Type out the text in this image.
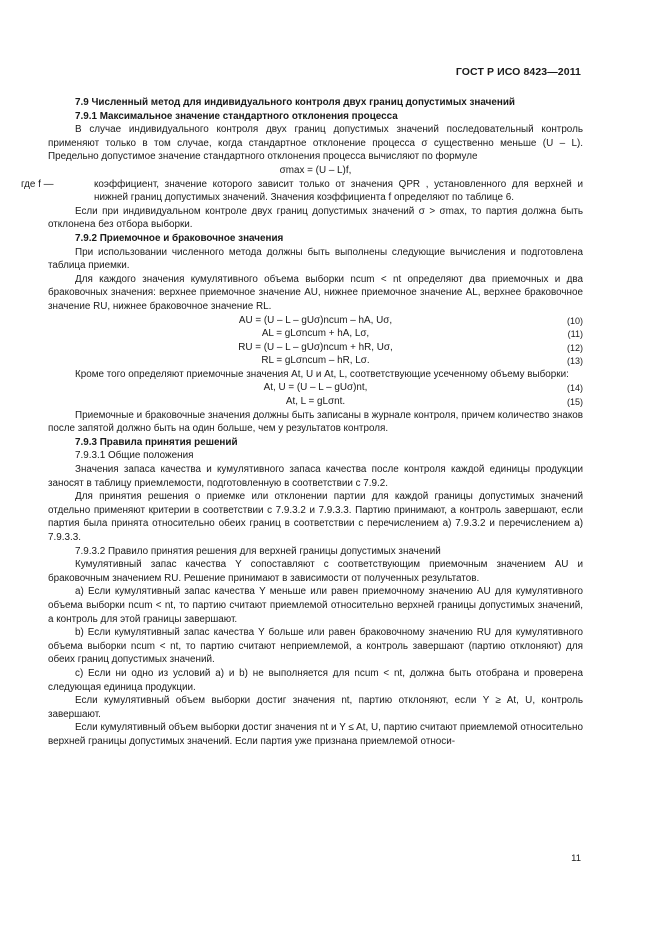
ГОСТ Р ИСО 8423—2011

7.9 Численный метод для индивидуального контроля двух границ допустимых значений

7.9.1 Максимальное значение стандартного отклонения процесса

В случае индивидуального контроля двух границ допустимых значений последовательный контроль применяют только в том случае, когда стандартное отклонение процесса σ существенно меньше (U – L). Предельно допустимое значение стандартного отклонения процесса вычисляют по формуле

σmax = (U – L)f,

где f —	коэффициент, значение которого зависит только от значения QPR , установленного для верхней и нижней границ допустимых значений. Значения коэффициента f определяют по таблице 6.

Если при индивидуальном контроле двух границ допустимых значений σ > σmax, то партия должна быть отклонена без отбора выборки.

7.9.2 Приемочное и браковочное значения

При использовании численного метода должны быть выполнены следующие вычисления и подготовлена таблица приемки.

Для каждого значения кумулятивного объема выборки ncum < nt определяют два приемочных и два браковочных значения: верхнее приемочное значение AU, нижнее приемочное значение AL, верхнее браковочное значение RU, нижнее браковочное значение RL.

AU = (U – L – gUσ)ncum – hA, Uσ,	(10)
AL = gLσncum + hA, Lσ,	(11)
RU = (U – L – gUσ)ncum + hR, Uσ,	(12)
RL = gLσncum – hR, Lσ.	(13)

Кроме того определяют приемочные значения At, U и At, L, соответствующие усеченному объему выборки:

At, U = (U – L – gUσ)nt,	(14)
At, L = gLσnt.	(15)

Приемочные и браковочные значения должны быть записаны в журнале контроля, причем количество знаков после запятой должно быть на один больше, чем у результатов контроля.

7.9.3 Правила принятия решений

7.9.3.1 Общие положения

Значения запаса качества и кумулятивного запаса качества после контроля каждой единицы продукции заносят в таблицу приемлемости, подготовленную в соответствии с 7.9.2.

Для принятия решения о приемке или отклонении партии для каждой границы допустимых значений отдельно применяют критерии в соответствии с 7.9.3.2 и 7.9.3.3. Партию принимают, а контроль завершают, если партия была принята относительно обеих границ в соответствии с перечислением а) 7.9.3.2 и перечислением а) 7.9.3.3.

7.9.3.2 Правило принятия решения для верхней границы допустимых значений

Кумулятивный запас качества Y сопоставляют с соответствующим приемочным значением AU и браковочным значением RU. Решение принимают в зависимости от полученных результатов.

а) Если кумулятивный запас качества Y меньше или равен приемочному значению AU для кумулятивного объема выборки ncum < nt, то партию считают приемлемой относительно верхней границы допустимых значений, а контроль для этой границы завершают.

b) Если кумулятивный запас качества Y больше или равен браковочному значению RU для кумулятивного объема выборки ncum < nt, то партию считают неприемлемой, а контроль завершают (партию отклоняют) для обеих границ допустимых значений.

с) Если ни одно из условий а) и b) не выполняется для ncum < nt, должна быть отобрана и проверена следующая единица продукции.

Если кумулятивный объем выборки достиг значения nt, партию отклоняют, если Y ≥ At, U, контроль завершают.

Если кумулятивный объем выборки достиг значения nt и Y ≤ At, U, партию считают приемлемой относительно верхней границы допустимых значений. Если партия уже признана приемлемой относи-

11
